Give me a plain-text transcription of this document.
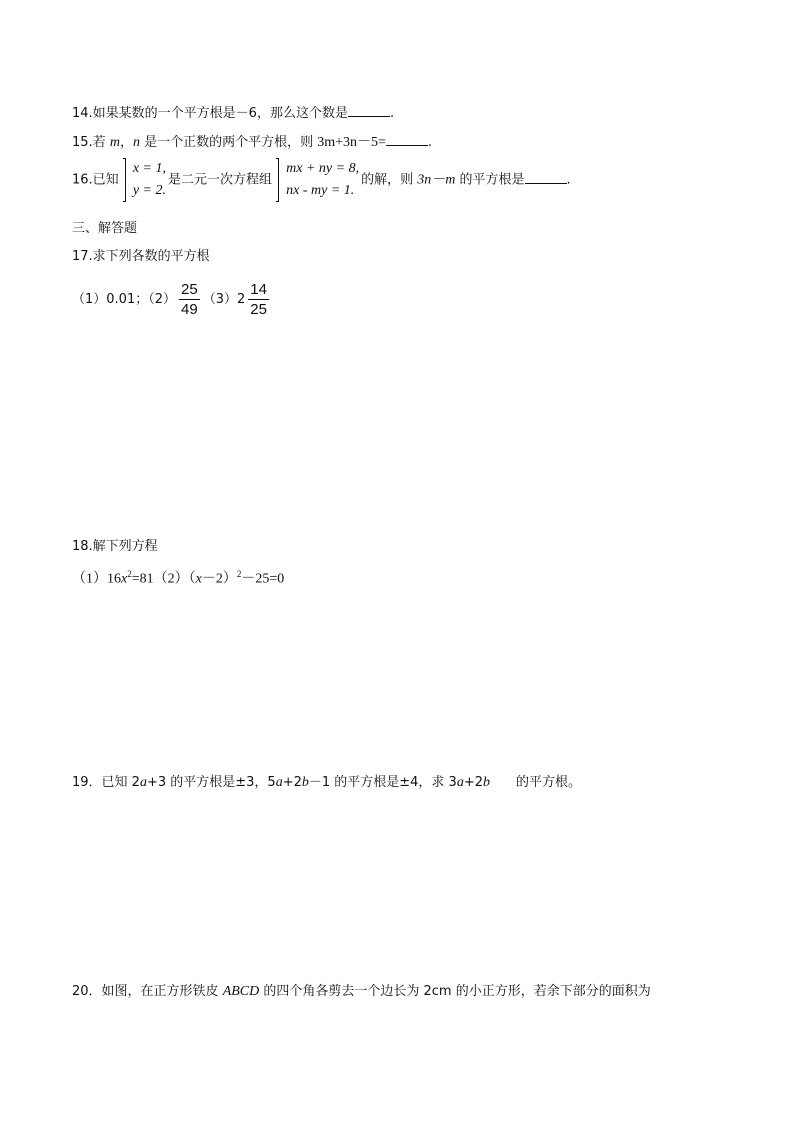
14.如果某数的一个平方根是－6，那么这个数是	.
15.若 m，n 是一个正数的两个平方根，则 3m+3n－5=	.
16.已知
x = 1,
y = 2.
是二元一次方程组
mx + ny = 8,
nx - my = 1.
的解，则 3n－m 的平方根是	.
三、解答题
17.求下列各数的平方根
（1）0.01；$(2) \frac{25}{49} (3)2 \frac{14}{25}$
18.解下列方程
$(1)16x^2=81(2)(x-2)^2-25=0$
19．已知 2a+3 的平方根是±3，5a+2b－1 的平方根是±4，求 3a+2b　　的平方根。
20．如图，在正方形铁皮 ABCD 的四个角各剪去一个边长为 2cm 的小正方形，若余下部分的面积为
